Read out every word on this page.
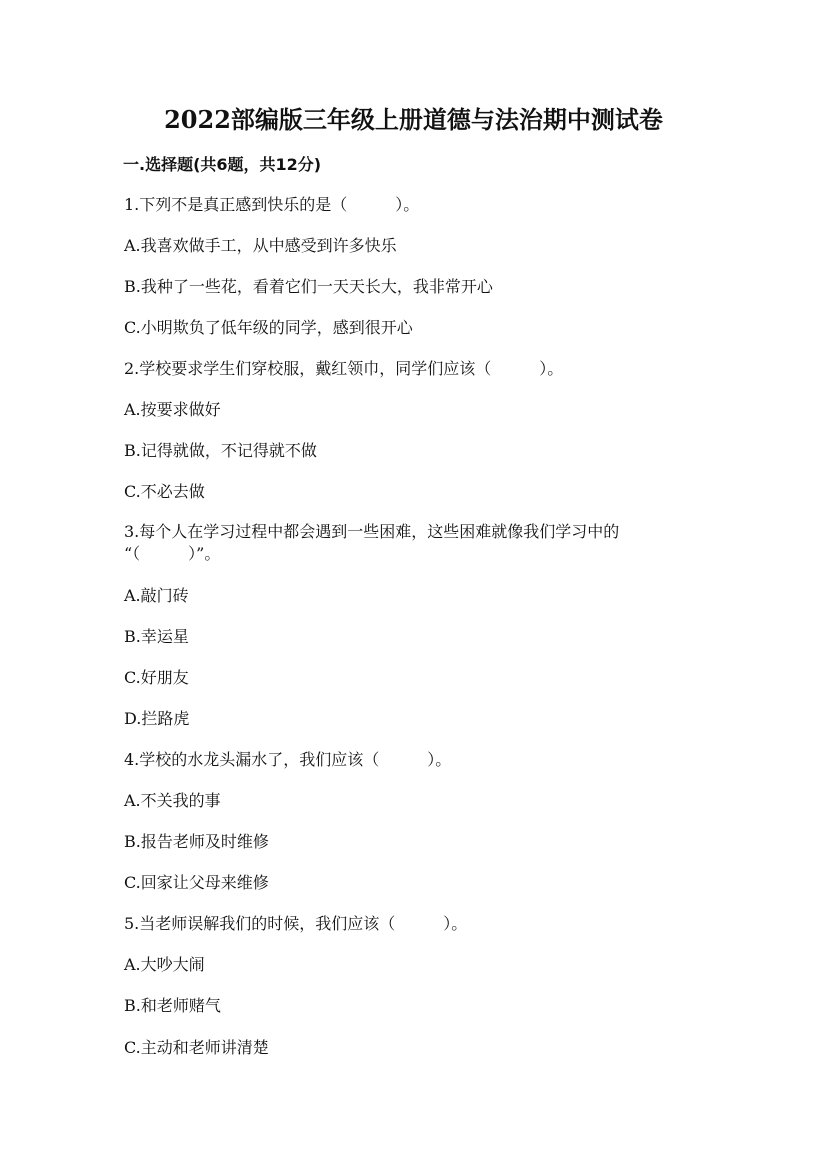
2022部编版三年级上册道德与法治期中测试卷
一.选择题(共6题，共12分)
1.下列不是真正感到快乐的是（　　　）。
A.我喜欢做手工，从中感受到许多快乐
B.我种了一些花，看着它们一天天长大，我非常开心
C.小明欺负了低年级的同学，感到很开心
2.学校要求学生们穿校服，戴红领巾，同学们应该（　　　）。
A.按要求做好
B.记得就做，不记得就不做
C.不必去做
3.每个人在学习过程中都会遇到一些困难，这些困难就像我们学习中的
“（　　　）”。
A.敲门砖
B.幸运星
C.好朋友
D.拦路虎
4.学校的水龙头漏水了，我们应该（　　　）。
A.不关我的事
B.报告老师及时维修
C.回家让父母来维修
5.当老师误解我们的时候，我们应该（　　　）。
A.大吵大闹
B.和老师赌气
C.主动和老师讲清楚
